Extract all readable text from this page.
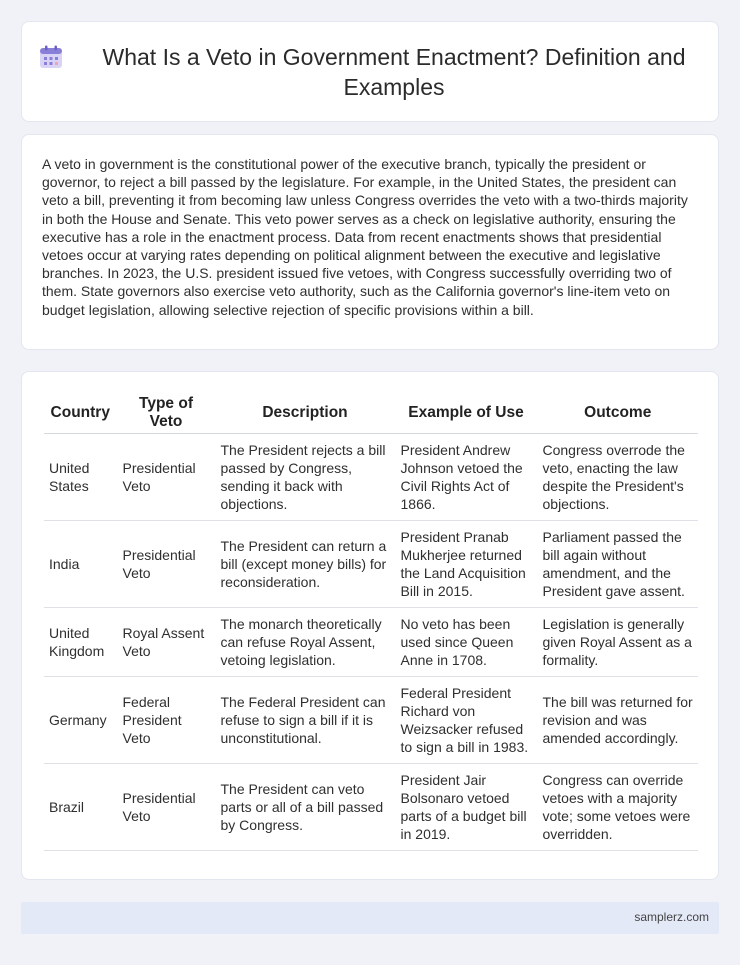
What Is a Veto in Government Enactment? Definition and Examples

A veto in government is the constitutional power of the executive branch, typically the president or governor, to reject a bill passed by the legislature. For example, in the United States, the president can veto a bill, preventing it from becoming law unless Congress overrides the veto with a two-thirds majority in both the House and Senate. This veto power serves as a check on legislative authority, ensuring the executive has a role in the enactment process. Data from recent enactments shows that presidential vetoes occur at varying rates depending on political alignment between the executive and legislative branches. In 2023, the U.S. president issued five vetoes, with Congress successfully overriding two of them. State governors also exercise veto authority, such as the California governor's line-item veto on budget legislation, allowing selective rejection of specific provisions within a bill.

Country	Type of Veto	Description	Example of Use	Outcome
United States	Presidential Veto	The President rejects a bill passed by Congress, sending it back with objections.	President Andrew Johnson vetoed the Civil Rights Act of 1866.	Congress overrode the veto, enacting the law despite the President's objections.
India	Presidential Veto	The President can return a bill (except money bills) for reconsideration.	President Pranab Mukherjee returned the Land Acquisition Bill in 2015.	Parliament passed the bill again without amendment, and the President gave assent.
United Kingdom	Royal Assent Veto	The monarch theoretically can refuse Royal Assent, vetoing legislation.	No veto has been used since Queen Anne in 1708.	Legislation is generally given Royal Assent as a formality.
Germany	Federal President Veto	The Federal President can refuse to sign a bill if it is unconstitutional.	Federal President Richard von Weizsacker refused to sign a bill in 1983.	The bill was returned for revision and was amended accordingly.
Brazil	Presidential Veto	The President can veto parts or all of a bill passed by Congress.	President Jair Bolsonaro vetoed parts of a budget bill in 2019.	Congress can override vetoes with a majority vote; some vetoes were overridden.
samplerz.com
